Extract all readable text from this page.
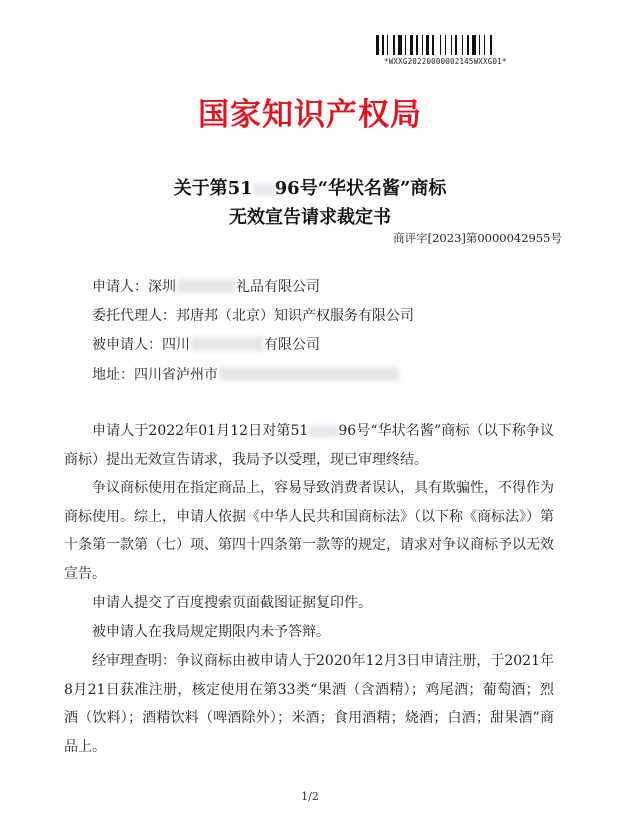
*WXXG20220000002145WXXG01*
国家知识产权局
关于第51 96号“华状名酱”商标
无效宣告请求裁定书
商评字[2023]第0000042955号
申请人： 深圳	礼品有限公司
委托代理人： 邦唐邦（北京）知识产权服务有限公司
被申请人： 四川	有限公司
地址： 四川省泸州市
申请人于2022年01月12日对第51 96号“华状名酱”商标（以下称争议商标）提出无效宣告请求，我局予以受理，现已审理终结。
争议商标使用在指定商品上，容易导致消费者误认，具有欺骗性，不得作为商标使用。综上，申请人依据《中华人民共和国商标法》（以下称《商标法》）第十条第一款第（七）项、第四十四条第一款等的规定，请求对争议商标予以无效宣告。
申请人提交了百度搜索页面截图证据复印件。
被申请人在我局规定期限内未予答辩。
经审理查明：争议商标由被申请人于2020年12月3日申请注册，于2021年8月21日获准注册，核定使用在第33类“果酒（含酒精）；鸡尾酒；葡萄酒；烈酒（饮料）；酒精饮料（啤酒除外）；米酒；食用酒精；烧酒；白酒；甜果酒”商品上。
1/2
